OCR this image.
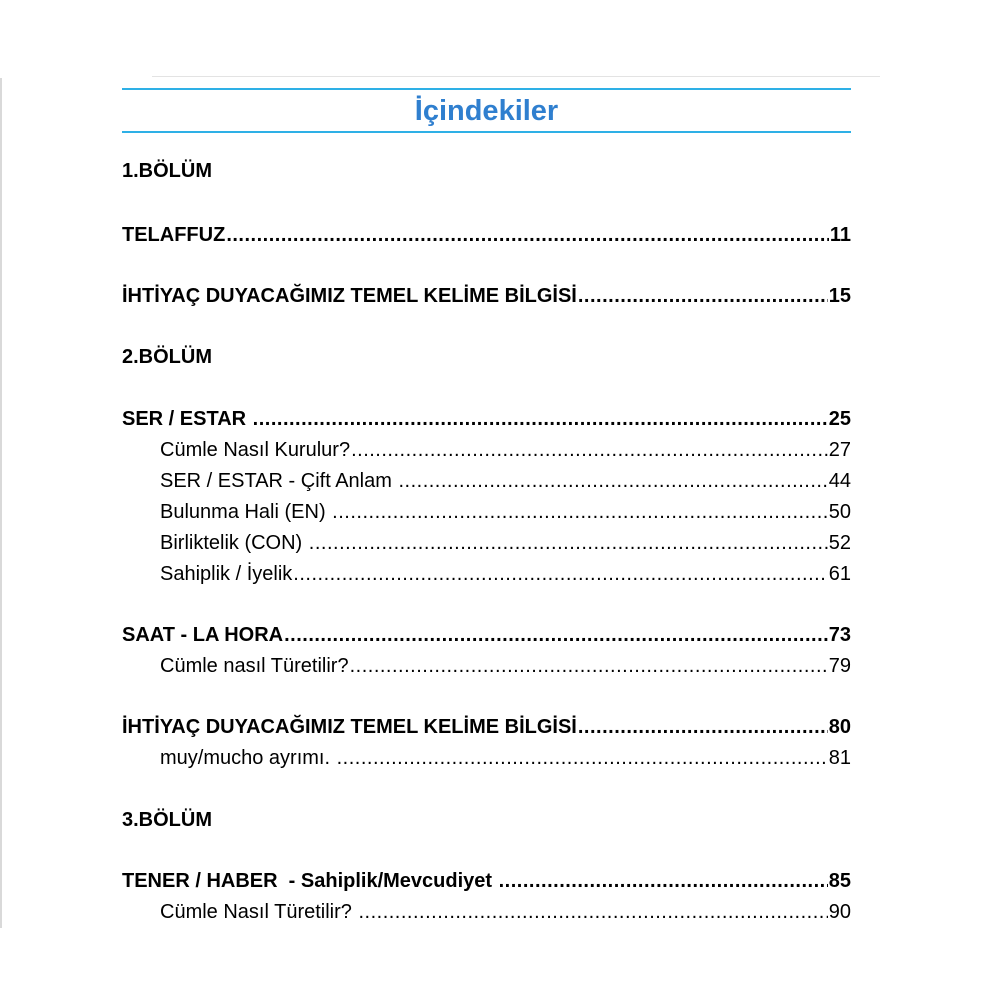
İçindekiler
1.BÖLÜM
TELAFFUZ .....	11
İHTİYAÇ DUYACAĞIMIZ TEMEL KELİME BİLGİSİ .....	15
2.BÖLÜM
SER / ESTAR .....	25
Cümle Nasıl Kurulur? .....	27
SER / ESTAR - Çift Anlam .....	44
Bulunma Hali (EN) .....	50
Birliktelik (CON) .....	52
Sahiplik / İyelik .....	61
SAAT - LA HORA .....	73
Cümle nasıl Türetilir? .....	79
İHTİYAÇ DUYACAĞIMIZ TEMEL KELİME BİLGİSİ .....	80
muy/mucho ayrımı. .....	81
3.BÖLÜM
TENER / HABER  - Sahiplik/Mevcudiyet .....	85
Cümle Nasıl Türetilir? .....	90
